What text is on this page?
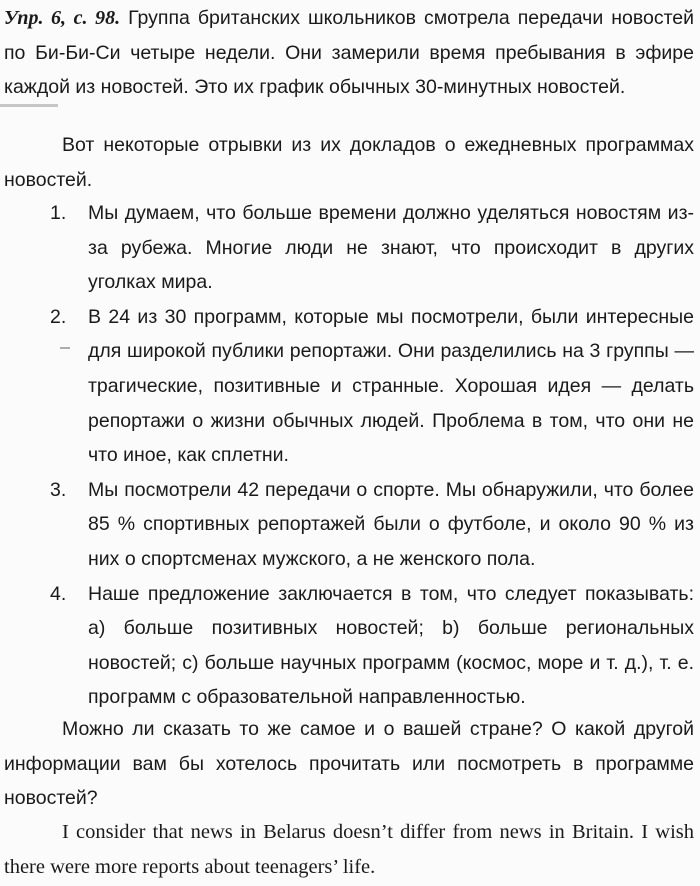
Упр. 6, с. 98. Группа британских школьников смотрела передачи новостей по Би-Би-Си четыре недели. Они замерили время пребывания в эфире каждой из новостей. Это их график обычных 30-минутных новостей.

Вот некоторые отрывки из их докладов о ежедневных программах новостей.

1. Мы думаем, что больше времени должно уделяться новостям из-за рубежа. Многие люди не знают, что происходит в других уголках мира.
2. В 24 из 30 программ, которые мы посмотрели, были интересные для широкой публики репортажи. Они разделились на 3 группы — трагические, позитивные и странные. Хорошая идея — делать репортажи о жизни обычных людей. Проблема в том, что они не что иное, как сплетни.
3. Мы посмотрели 42 передачи о спорте. Мы обнаружили, что более 85 % спортивных репортажей были о футболе, и около 90 % из них о спортсменах мужского, а не женского пола.
4. Наше предложение заключается в том, что следует показывать: а) больше позитивных новостей; b) больше региональных новостей; c) больше научных программ (космос, море и т. д.), т. е. программ с образовательной направленностью.

Можно ли сказать то же самое и о вашей стране? О какой другой информации вам бы хотелось прочитать или посмотреть в программе новостей?

I consider that news in Belarus doesn’t differ from news in Britain. I wish there were more reports about teenagers’ life.
